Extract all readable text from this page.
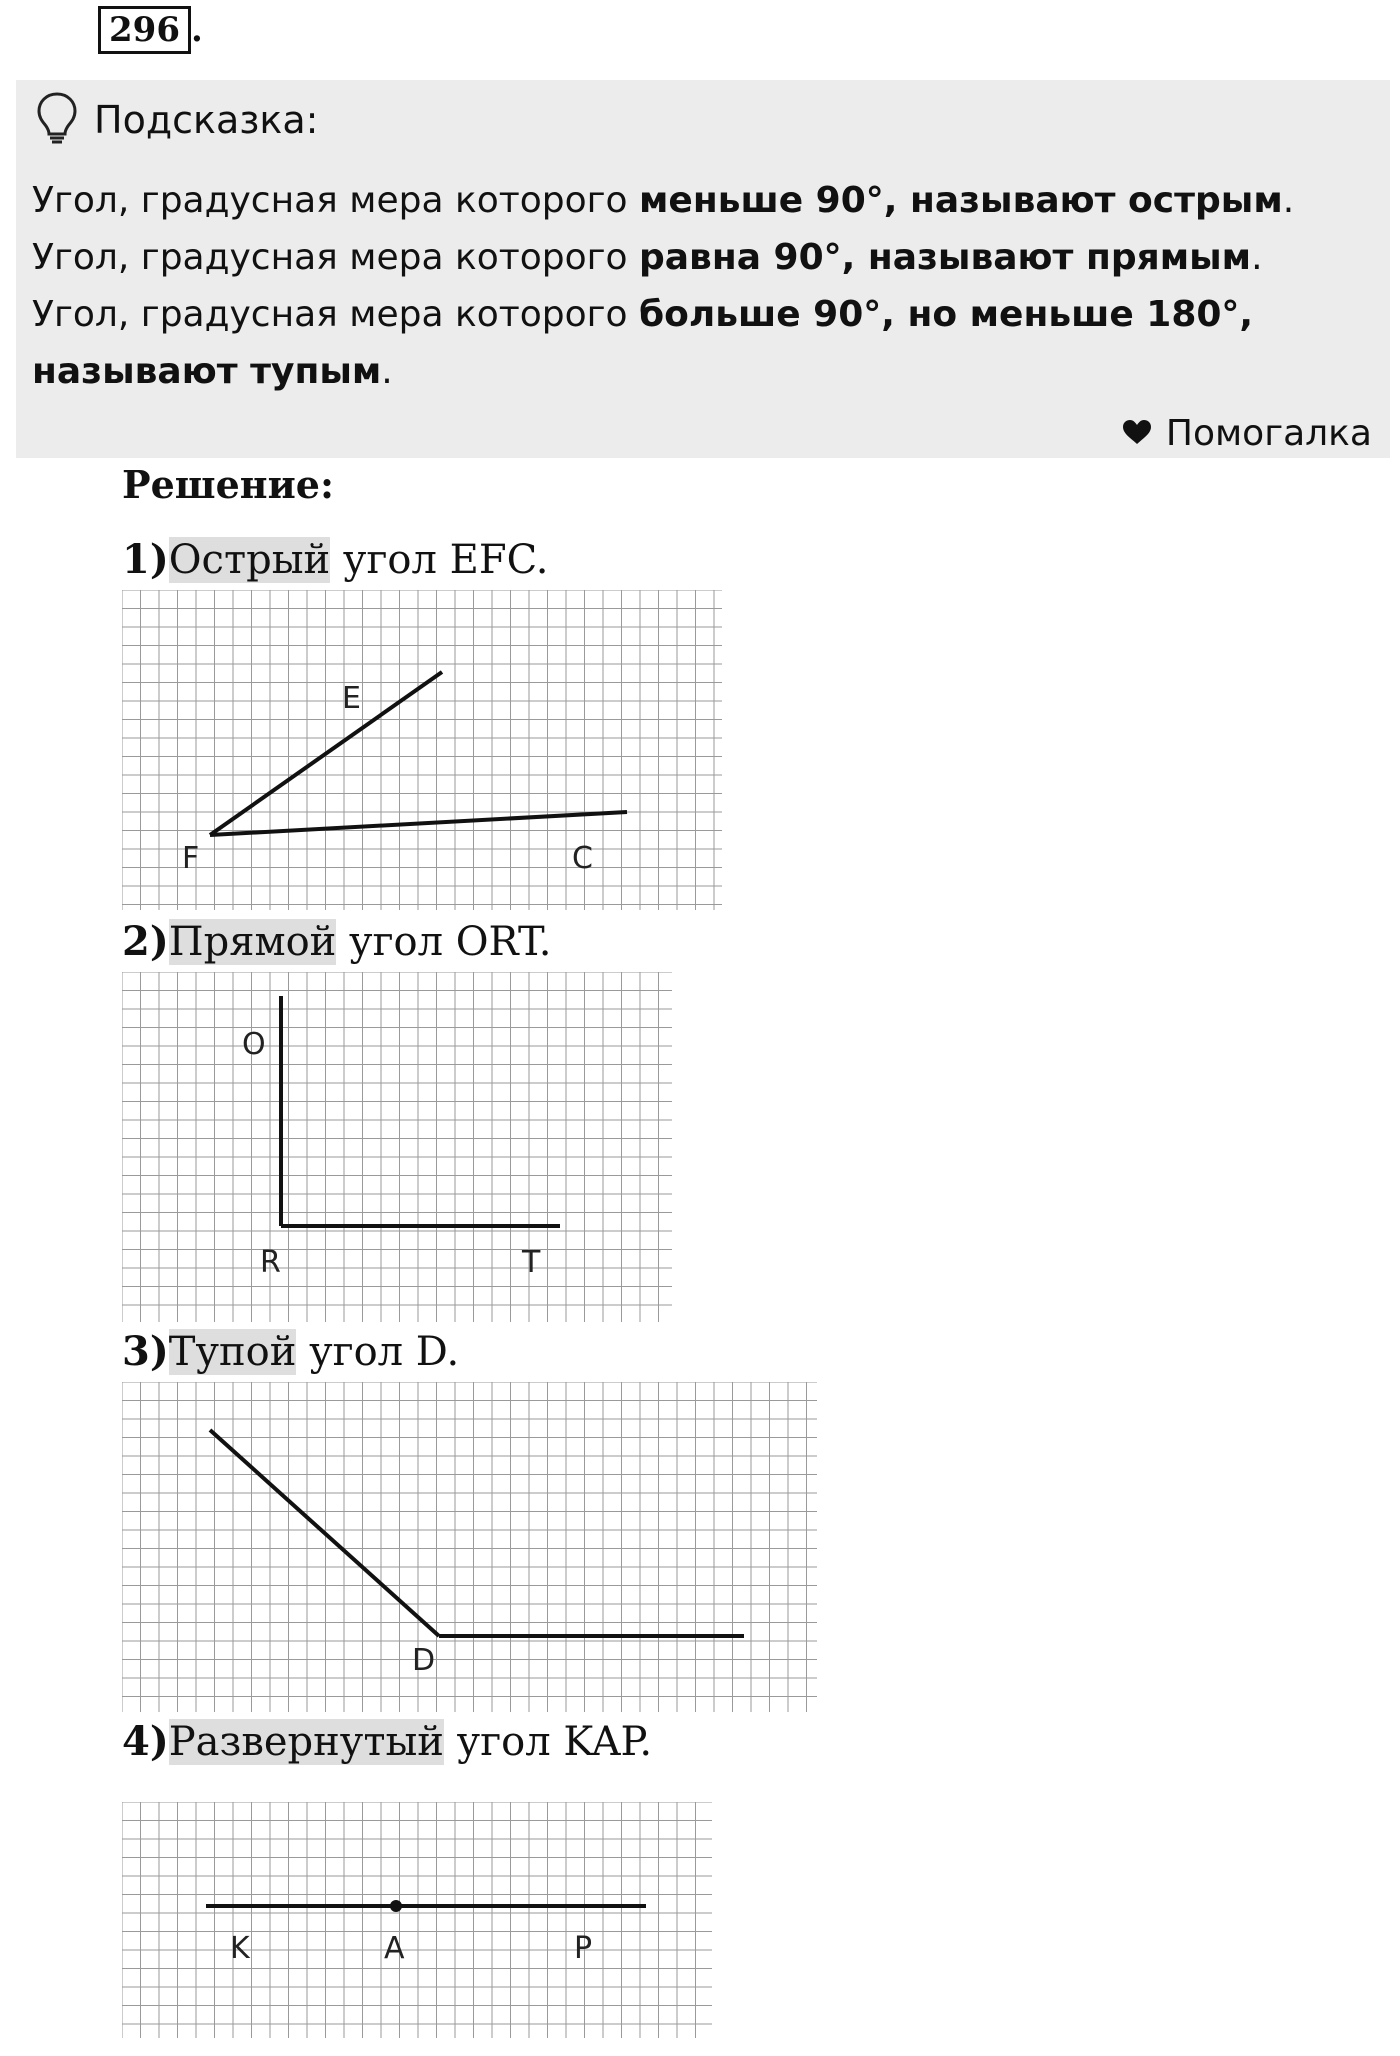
296 .
Подсказка:
Угол, градусная мера которого меньше 90°, называют острым.
Угол, градусная мера которого равна 90°, называют прямым.
Угол, градусная мера которого больше 90°, но меньше 180°,
называют тупым.
Помогалка
Решение:
1)Острый угол EFC.
E
F	C
2)Прямой угол ORT.
O
R	T
3)Тупой угол D.
D
4)Развернутый угол KAP.
K	A	P
